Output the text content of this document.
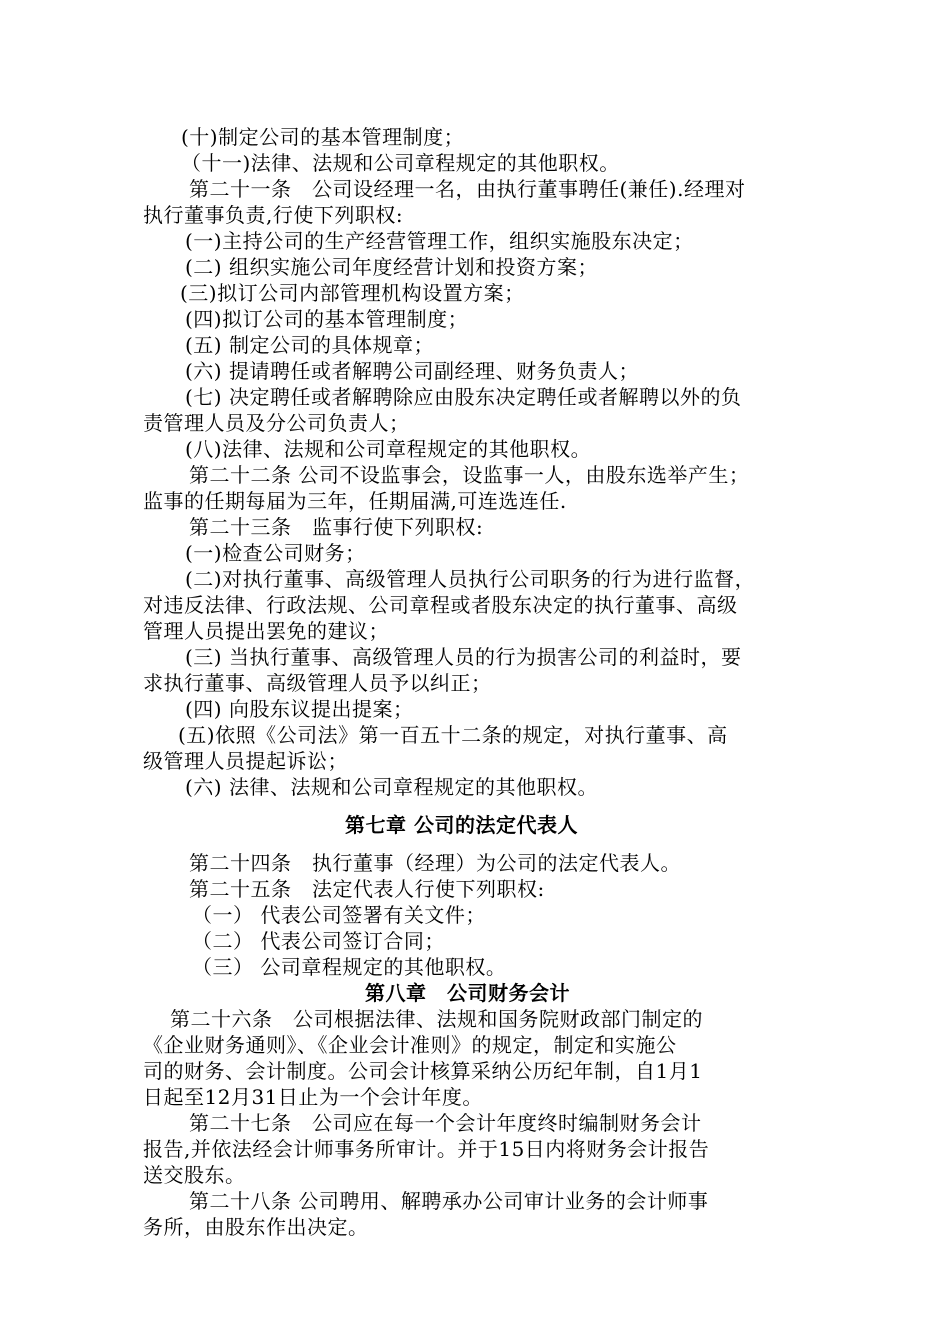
(十)制定公司的基本管理制度；
（十一)法律、法规和公司章程规定的其他职权。
第二十一条　公司设经理一名，由执行董事聘任(兼任).经理对
执行董事负责,行使下列职权:
(一)主持公司的生产经营管理工作，组织实施股东决定；
(二) 组织实施公司年度经营计划和投资方案；
(三)拟订公司内部管理机构设置方案；
(四)拟订公司的基本管理制度；
(五) 制定公司的具体规章；
(六) 提请聘任或者解聘公司副经理、财务负责人；
(七) 决定聘任或者解聘除应由股东决定聘任或者解聘以外的负
责管理人员及分公司负责人；
(八)法律、法规和公司章程规定的其他职权。
第二十二条 公司不设监事会，设监事一人，由股东选举产生；
监事的任期每届为三年，任期届满,可连选连任.
第二十三条　监事行使下列职权:
(一)检查公司财务；
(二)对执行董事、高级管理人员执行公司职务的行为进行监督，
对违反法律、行政法规、公司章程或者股东决定的执行董事、高级
管理人员提出罢免的建议；
(三) 当执行董事、高级管理人员的行为损害公司的利益时，要
求执行董事、高级管理人员予以纠正；
(四) 向股东议提出提案；
(五)依照《公司法》第一百五十二条的规定，对执行董事、高
级管理人员提起诉讼；
(六) 法律、法规和公司章程规定的其他职权。
第七章 公司的法定代表人
第二十四条　执行董事（经理）为公司的法定代表人。
第二十五条　法定代表人行使下列职权:
（一） 代表公司签署有关文件；
（二） 代表公司签订合同；
（三） 公司章程规定的其他职权。
第八章　公司财务会计
第二十六条　公司根据法律、法规和国务院财政部门制定的
《企业财务通则》、《企业会计准则》的规定，制定和实施公
司的财务、会计制度。公司会计核算采纳公历纪年制，自1月1
日起至12月31日止为一个会计年度。
第二十七条　公司应在每一个会计年度终时编制财务会计
报告,并依法经会计师事务所审计。并于15日内将财务会计报告
送交股东。
第二十八条 公司聘用、解聘承办公司审计业务的会计师事
务所，由股东作出决定。
